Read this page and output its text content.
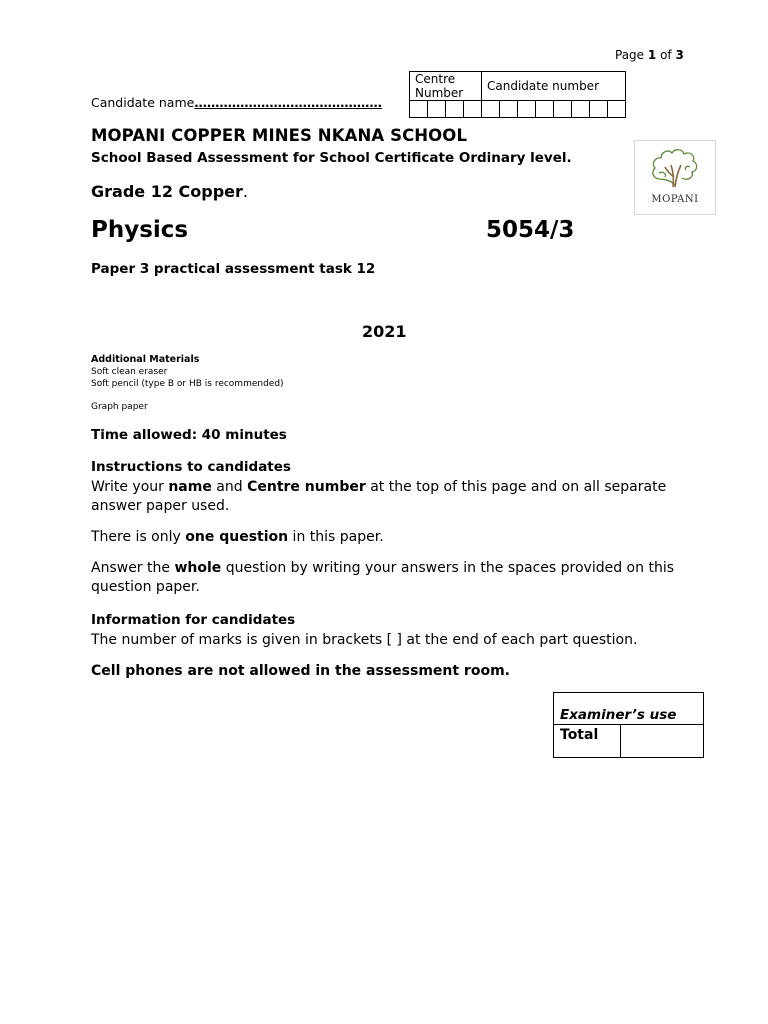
Page 1 of 3
Centre    Number				Candidate number							

Candidate name………………………………………
MOPANI COPPER MINES NKANA SCHOOL
School Based Assessment for School Certificate Ordinary level.
Grade 12 Copper.	MOPANI
Physics	5054/3
Paper 3 practical assessment task 12
2021
Additional Materials
Soft clean eraser
Soft pencil (type B or HB is recommended)
Graph paper
Time allowed: 40 minutes
Instructions to candidates
Write your name and Centre number at the top of this page and on all separate answer paper used.
There is only one question in this paper.
Answer the whole question by writing your answers in the spaces provided on this question paper.
Information for candidates
The number of marks is given in brackets [ ] at the end of each part question.
Cell phones are not allowed in the assessment room.
Examiner’s use
Total	
